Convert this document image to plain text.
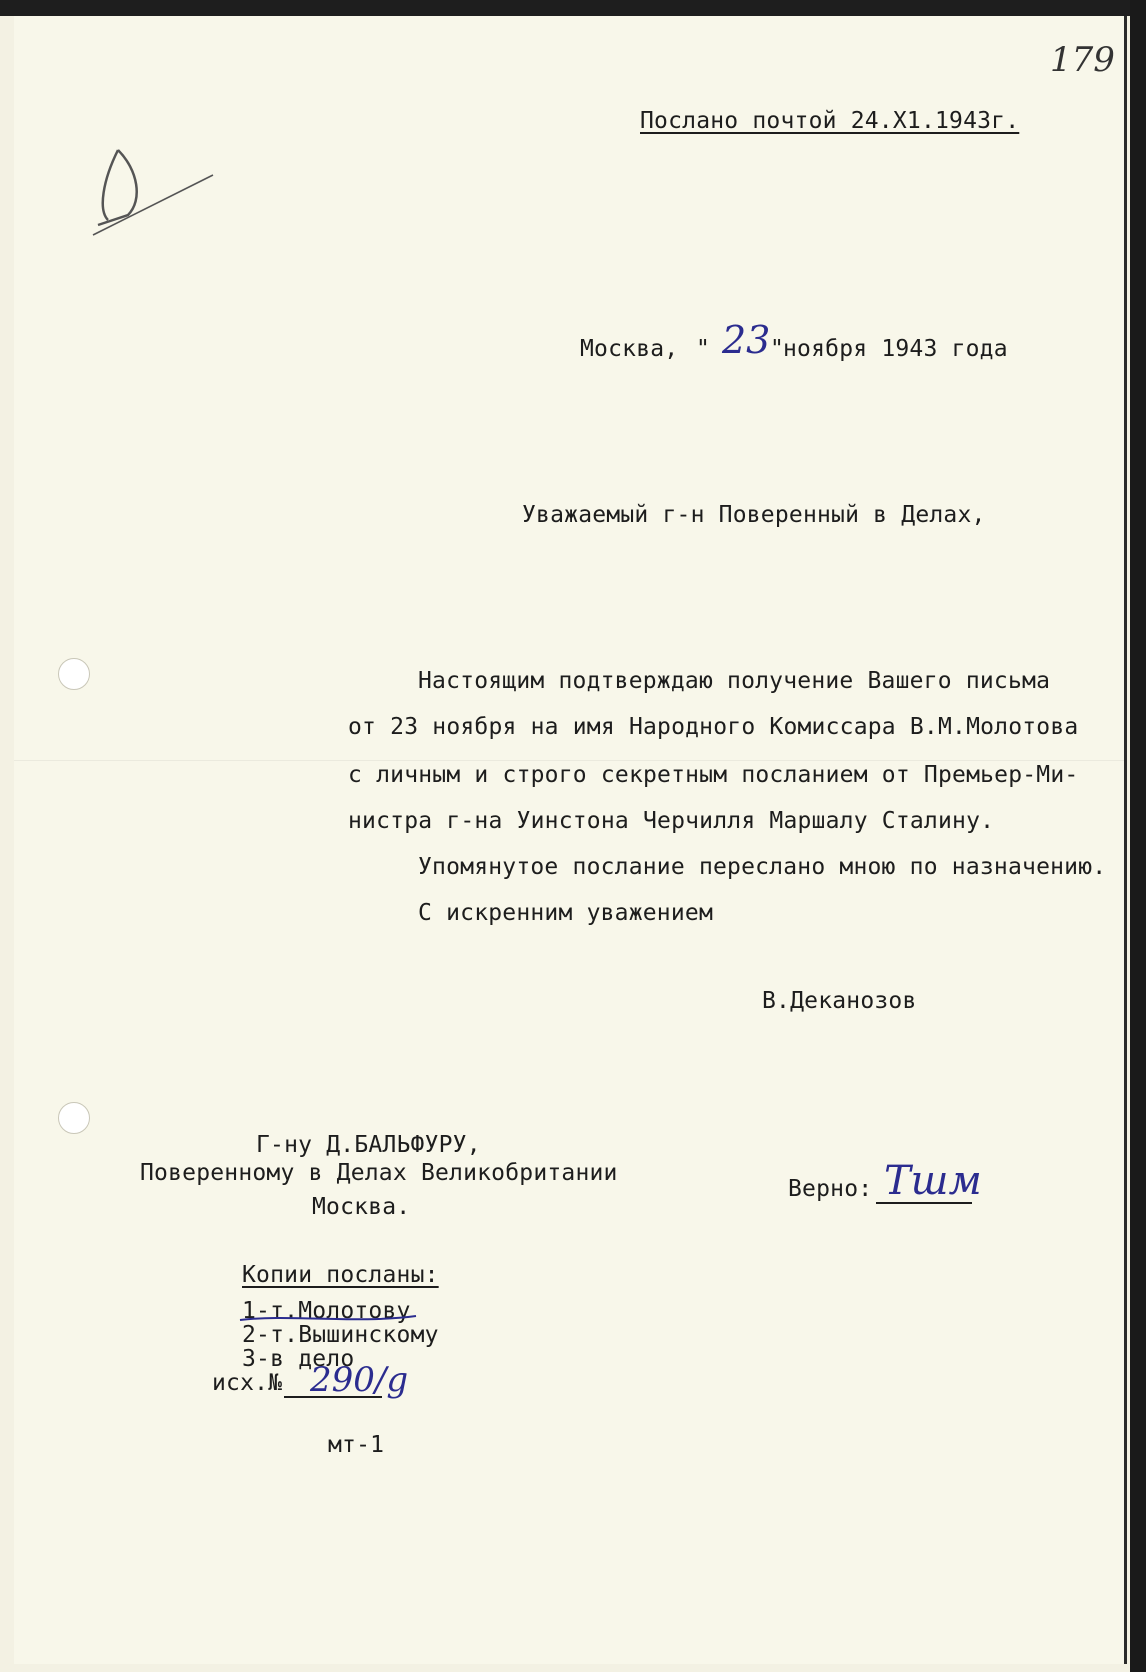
179
Послано почтой 24.Х1.1943г.
Москва, " 23 "
ноября 1943 года
Уважаемый г-н Поверенный в Делах,
Настоящим подтверждаю получение Вашего письма
от 23 ноября на имя Народного Комиссара В.М.Молотова
с личным и строго секретным посланием от Премьер-Ми-
нистра г-на Уинстона Черчилля Маршалу Сталину.
Упомянутое послание переслано мною по назначению.
С искренним уважением
В.Деканозов
Г-ну Д.БАЛЬФУРУ,
Поверенному в Делах Великобритании
Москва.
Верно: Тшм
Копии посланы:
1-т.Молотову
2-т.Вышинскому
3-в дело
исх.№ 290/g
мт-1
